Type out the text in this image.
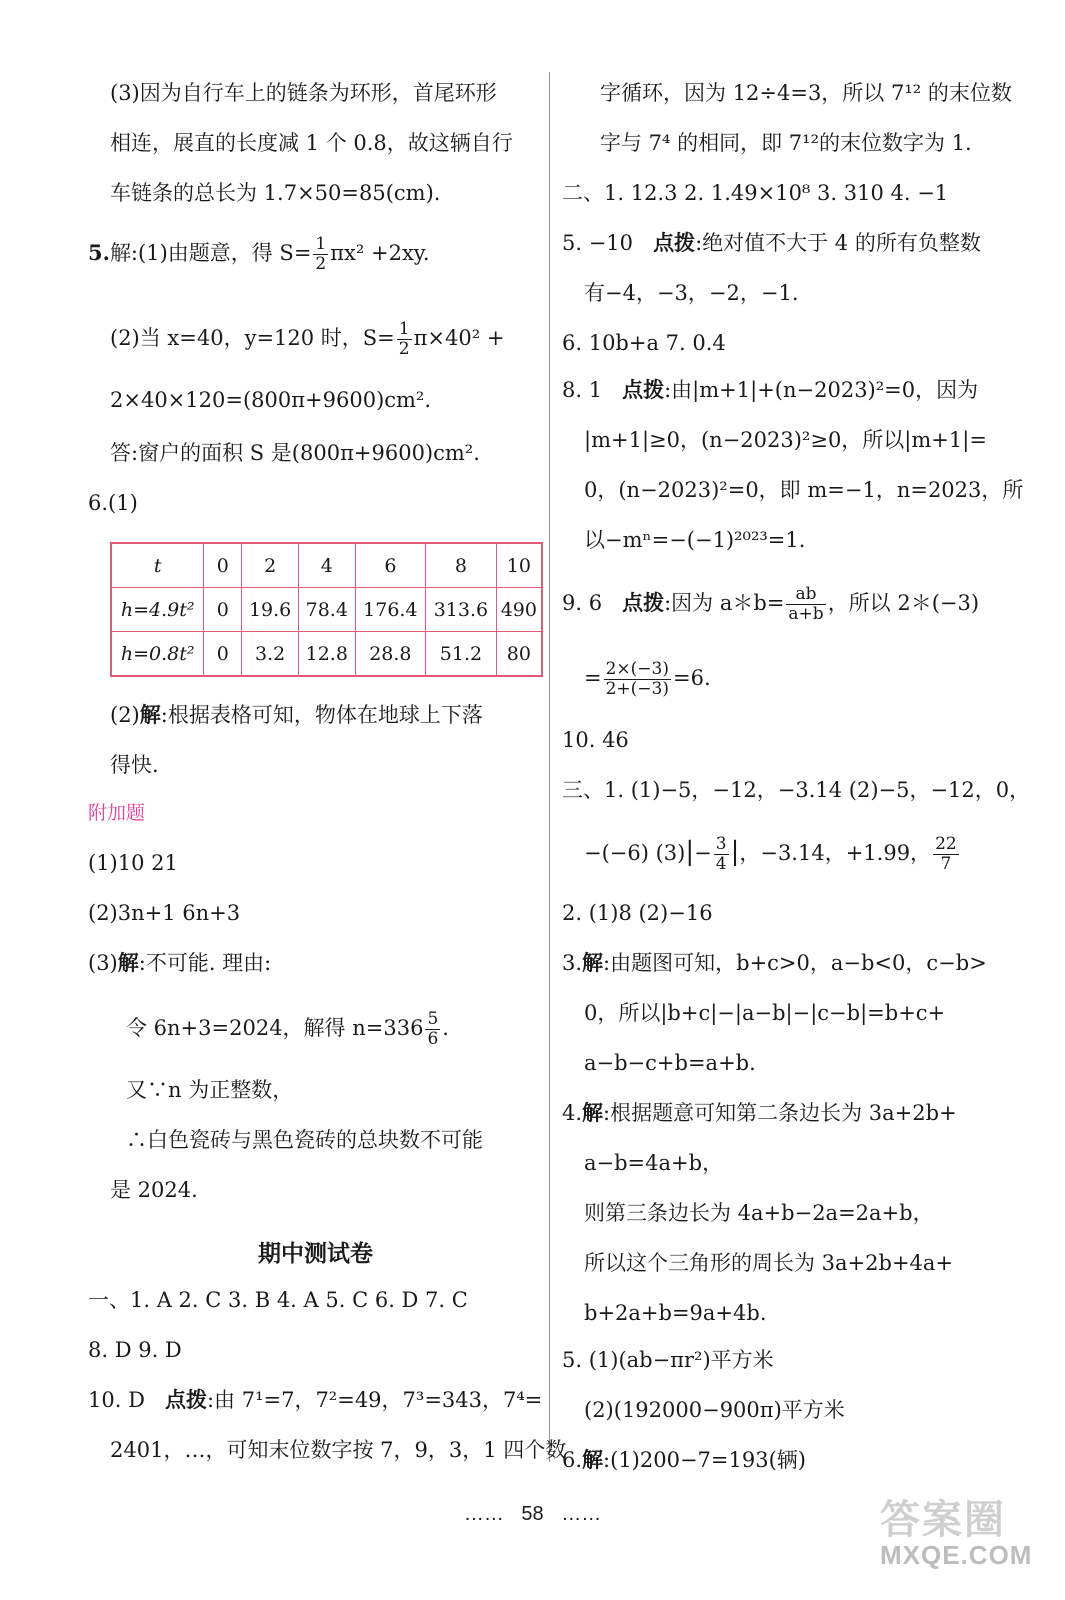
(3)因为自行车上的链条为环形，首尾环形
相连，展直的长度减 1 个 0.8，故这辆自行
车链条的总长为 1.7×50=85(cm).
5.解:(1)由题意，得 $S= \frac{1}{2} \pi x^2 +2xy$.
(2)当 x=40，y=120 时，$S= \frac{1}{2} \pi\times 40^2$ +
2×40×120=(800π+9600)cm².
答:窗户的面积 S 是(800π+9600)cm².
6.(1)
t	0	2	4	6	8	10
h=4.9t²	0	19.6	78.4	176.4	313.6	490
h=0.8t²	0	3.2	12.8	28.8	51.2	80
(2)解:根据表格可知，物体在地球上下落
得快.
附加题
(1)10 21
(2)3n+1 6n+3
(3)解:不可能. 理由:
令 6n+3=2024，解得 $n=336 \frac{5}{6}$ .
又∵n 为正整数，
∴白色瓷砖与黑色瓷砖的总块数不可能
是 2024.
期中测试卷
一、1. A 2. C 3. B 4. A 5. C 6. D 7. C
8. D 9. D
10. D 点拨:由 7¹=7，7²=49，7³=343，7⁴=
2401，…，可知末位数字按 7，9，3，1 四个数
字循环，因为 12÷4=3，所以 7¹² 的末位数
字与 7⁴ 的相同，即 7¹²的末位数字为 1.
二、1. 12.3 2. 1.49×10⁸ 3. 310 4. −1
5. −10 点拨:绝对值不大于 4 的所有负整数
有−4，−3，−2，−1.
6. 10b+a 7. 0.4
8. 1 点拨:由|m+1|+(n−2023)²=0，因为
|m+1|≥0，(n−2023)²≥0，所以|m+1|=
0，(n−2023)²=0，即 m=−1，n=2023，所
以−mⁿ=−(−1)²⁰²³=1.
9. 6 点拨:因为 a＊b= $\frac{ab}{a+b}$ ，所以 2＊(−3)
= $\frac{2\times(-3)}{2+(-3)} =6$.
10. 46
三、1. (1)−5，−12，−3.14 (2)−5，−12，0，
−(−6) $(3)|- \frac{3}{4}$ |，−3.14，+1.99， $\frac{22}{7}$
2. (1)8 (2)−16
3.解:由题图可知，b+c>0，a−b<0，c−b>
0，所以|b+c|−|a−b|−|c−b|=b+c+
a−b−c+b=a+b.
4.解:根据题意可知第二条边长为 3a+2b+
a−b=4a+b，
则第三条边长为 4a+b−2a=2a+b，
所以这个三角形的周长为 3a+2b+4a+
b+2a+b=9a+4b.
5. (1)(ab−πr²)平方米
(2)(192000−900π)平方米
6.解:(1)200−7=193(辆)
…… 58 ……	答案圈
MXQE.COM
